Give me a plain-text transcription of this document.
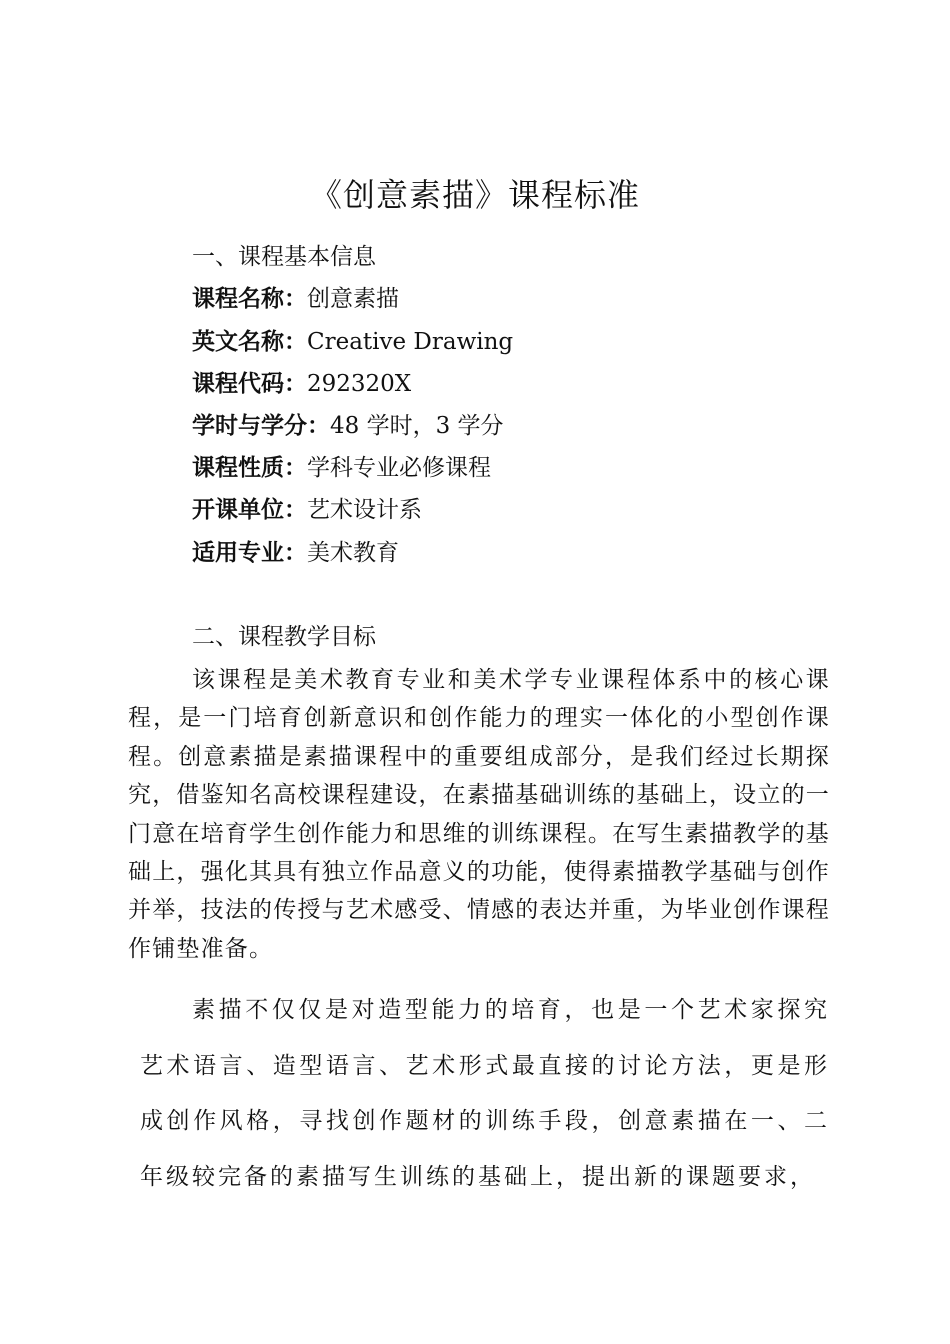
《创意素描》课程标准
一、课程基本信息
课程名称：创意素描
英文名称：Creative Drawing
课程代码：292320X
学时与学分：48 学时，3 学分
课程性质：学科专业必修课程
开课单位：艺术设计系
适用专业：美术教育
二、课程教学目标
该课程是美术教育专业和美术学专业课程体系中的核心课程，是一门培育创新意识和创作能力的理实一体化的小型创作课程。创意素描是素描课程中的重要组成部分，是我们经过长期探究，借鉴知名高校课程建设，在素描基础训练的基础上，设立的一门意在培育学生创作能力和思维的训练课程。在写生素描教学的基础上，强化其具有独立作品意义的功能，使得素描教学基础与创作并举，技法的传授与艺术感受、情感的表达并重，为毕业创作课程作铺垫准备。
素描不仅仅是对造型能力的培育，也是一个艺术家探究艺术语言、造型语言、艺术形式最直接的讨论方法，更是形成创作风格，寻找创作题材的训练手段，创意素描在一、二年级较完备的素描写生训练的基础上，提出新的课题要求，
